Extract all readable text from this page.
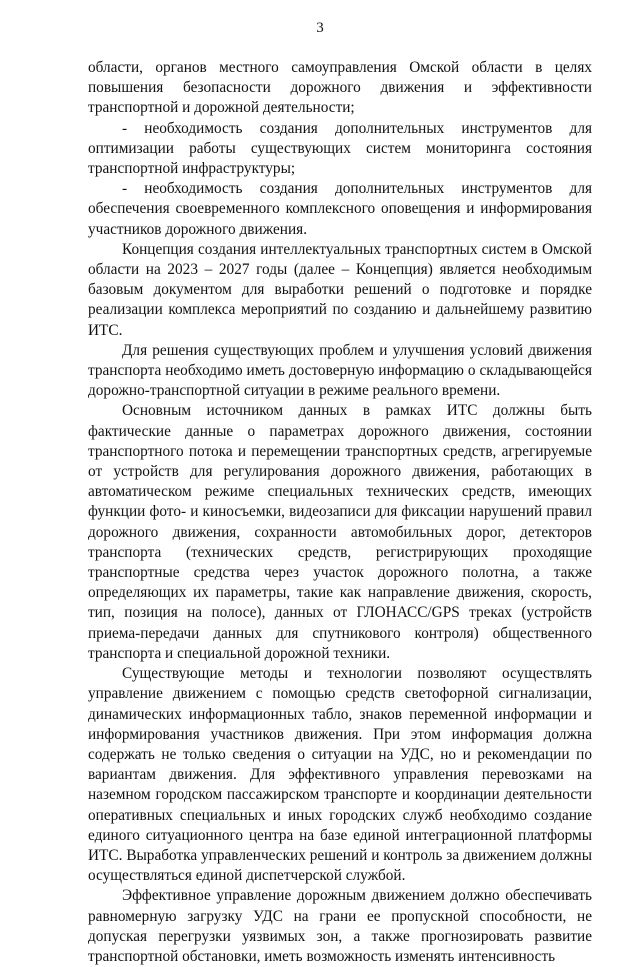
3

области, органов местного самоуправления Омской области в целях повышения безопасности дорожного движения и эффективности транспортной и дорожной деятельности;

- необходимость создания дополнительных инструментов для оптимизации работы существующих систем мониторинга состояния транспортной инфраструктуры;

- необходимость создания дополнительных инструментов для обеспечения своевременного комплексного оповещения и информирования участников дорожного движения.

Концепция создания интеллектуальных транспортных систем в Омской области на 2023 – 2027 годы (далее – Концепция) является необходимым базовым документом для выработки решений о подготовке и порядке реализации комплекса мероприятий по созданию и дальнейшему развитию ИТС.

Для решения существующих проблем и улучшения условий движения транспорта необходимо иметь достоверную информацию о складывающейся дорожно-транспортной ситуации в режиме реального времени.

Основным источником данных в рамках ИТС должны быть фактические данные о параметрах дорожного движения, состоянии транспортного потока и перемещении транспортных средств, агрегируемые от устройств для регулирования дорожного движения, работающих в автоматическом режиме специальных технических средств, имеющих функции фото- и киносъемки, видеозаписи для фиксации нарушений правил дорожного движения, сохранности автомобильных дорог, детекторов транспорта (технических средств, регистрирующих проходящие транспортные средства через участок дорожного полотна, а также определяющих их параметры, такие как направление движения, скорость, тип, позиция на полосе), данных от ГЛОНАСС/GPS треках (устройств приема-передачи данных для спутникового контроля) общественного транспорта и специальной дорожной техники.

Существующие методы и технологии позволяют осуществлять управление движением с помощью средств светофорной сигнализации, динамических информационных табло, знаков переменной информации и информирования участников движения. При этом информация должна содержать не только сведения о ситуации на УДС, но и рекомендации по вариантам движения. Для эффективного управления перевозками на наземном городском пассажирском транспорте и координации деятельности оперативных специальных и иных городских служб необходимо создание единого ситуационного центра на базе единой интеграционной платформы ИТС. Выработка управленческих решений и контроль за движением должны осуществляться единой диспетчерской службой.

Эффективное управление дорожным движением должно обеспечивать равномерную загрузку УДС на грани ее пропускной способности, не допуская перегрузки уязвимых зон, а также прогнозировать развитие транспортной обстановки, иметь возможность изменять интенсивность
